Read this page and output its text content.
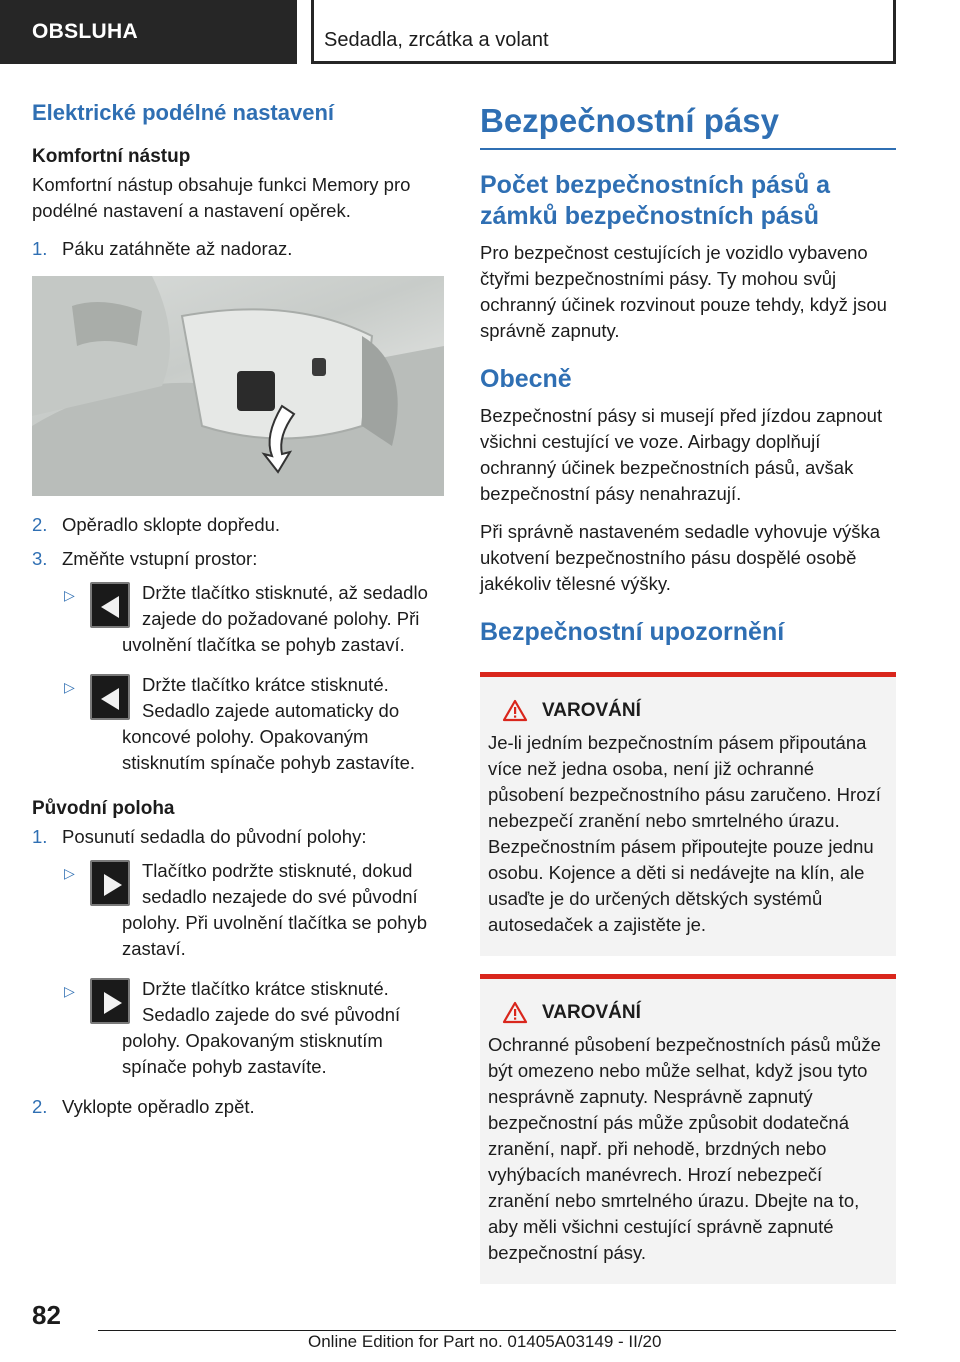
OBSLUHA	Sedadla, zrcátka a volant
Elektrické podélné nastavení
Komfortní nástup

Komfortní nástup obsahuje funkci Memory pro podélné nastavení a nastavení opěrek.

1. Páku zatáhněte až nadoraz.
2. Opěradlo sklopte dopředu.
3. Změňte vstupní prostor:
▷	Držte tlačítko stisknuté, až sedadlo zajede do požadované polohy. Při uvolnění tlačítka se pohyb zastaví.
▷	Držte tlačítko krátce stisknuté. Sedadlo zajede automaticky do koncové polohy. Opakovaným stisknutím spínače pohyb zastavíte.
Původní poloha
1. Posunutí sedadla do původní polohy:
▷	Tlačítko podržte stisknuté, dokud sedadlo nezajede do své původní polohy. Při uvolnění tlačítka se pohyb zastaví.
▷	Držte tlačítko krátce stisknuté. Sedadlo zajede do své původní polohy. Opakovaným stisknutím spínače pohyb zastavíte.
2. Vyklopte opěradlo zpět.
Bezpečnostní pásy
Počet bezpečnostních pásů a zámků bezpečnostních pásů

Pro bezpečnost cestujících je vozidlo vybaveno čtyřmi bezpečnostními pásy. Ty mohou svůj ochranný účinek rozvinout pouze tehdy, když jsou správně zapnuty.

Obecně

Bezpečnostní pásy si musejí před jízdou zapnout všichni cestující ve voze. Airbagy doplňují ochranný účinek bezpečnostních pásů, avšak bezpečnostní pásy nenahrazují.

Při správně nastaveném sedadle vyhovuje výška ukotvení bezpečnostního pásu dospělé osobě jakékoliv tělesné výšky.

Bezpečnostní upozornění
VAROVÁNÍ

Je-li jedním bezpečnostním pásem připoutána více než jedna osoba, není již ochranné působení bezpečnostního pásu zaručeno. Hrozí nebezpečí zranění nebo smrtelného úrazu. Bezpečnostním pásem připoutejte pouze jednu osobu. Kojence a děti si nedávejte na klín, ale usaďte je do určených dětských systémů autosedaček a zajistěte je.

VAROVÁNÍ

Ochranné působení bezpečnostních pásů může být omezeno nebo může selhat, když jsou tyto nesprávně zapnuty. Nesprávně zapnutý bezpečnostní pás může způsobit dodatečná zranění, např. při nehodě, brzdných nebo vyhýbacích manévrech. Hrozí nebezpečí zranění nebo smrtelného úrazu. Dbejte na to, aby měli všichni cestující správně zapnuté bezpečnostní pásy.

82
Online Edition for Part no. 01405A03149 - II/20
